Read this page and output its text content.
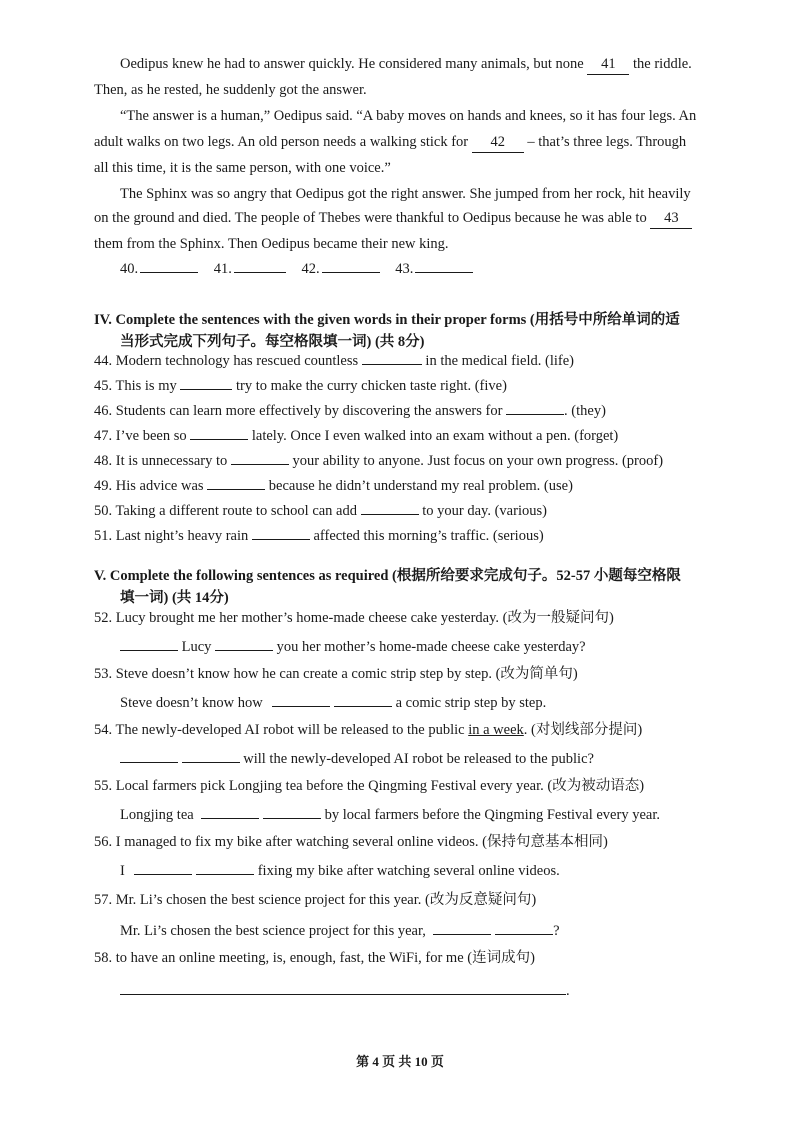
Oedipus knew he had to answer quickly. He considered many animals, but none 41 the riddle.
Then, as he rested, he suddenly got the answer.
“The answer is a human,” Oedipus said. “A baby moves on hands and knees, so it has four legs. An
adult walks on two legs. An old person needs a walking stick for 42 – that’s three legs. Through
all this time, it is the same person, with one voice.”
The Sphinx was so angry that Oedipus got the right answer. She jumped from her rock, hit heavily
on the ground and died. The people of Thebes were thankful to Oedipus because he was able to 43
them from the Sphinx. Then Oedipus became their new king.
40.	41.	42.	43.
IV. Complete the sentences with the given words in their proper forms (用括号中所给单词的适
当形式完成下列句子。每空格限填一词) (共 8分)
44. Modern technology has rescued countless	in the medical field. (life)
45. This is my	try to make the curry chicken taste right. (five)
46. Students can learn more effectively by discovering the answers for	. (they)
47. I’ve been so	lately. Once I even walked into an exam without a pen. (forget)
48. It is unnecessary to	your ability to anyone. Just focus on your own progress. (proof)
49. His advice was	because he didn’t understand my real problem. (use)
50. Taking a different route to school can add	to your day. (various)
51. Last night’s heavy rain	affected this morning’s traffic. (serious)
V. Complete the following sentences as required (根据所给要求完成句子。52-57 小题每空格限
填一词) (共 14分)
52. Lucy brought me her mother’s home-made cheese cake yesterday. (改为一般疑问句)
Lucy	you her mother’s home-made cheese cake yesterday?
53. Steve doesn’t know how he can create a comic strip step by step. (改为简单句)
Steve doesn’t know how	a comic strip step by step.
54. The newly-developed AI robot will be released to the public in a week. (对划线部分提问)
will the newly-developed AI robot be released to the public?
55. Local farmers pick Longjing tea before the Qingming Festival every year. (改为被动语态)
Longjing tea	by local farmers before the Qingming Festival every year.
56. I managed to fix my bike after watching several online videos. (保持句意基本相同)
I	fixing my bike after watching several online videos.
57. Mr. Li’s chosen the best science project for this year. (改为反意疑问句)
Mr. Li’s chosen the best science project for this year,	?
58. to have an online meeting, is, enough, fast, the WiFi, for me (连词成句)
.
第 4 页 共 10 页
